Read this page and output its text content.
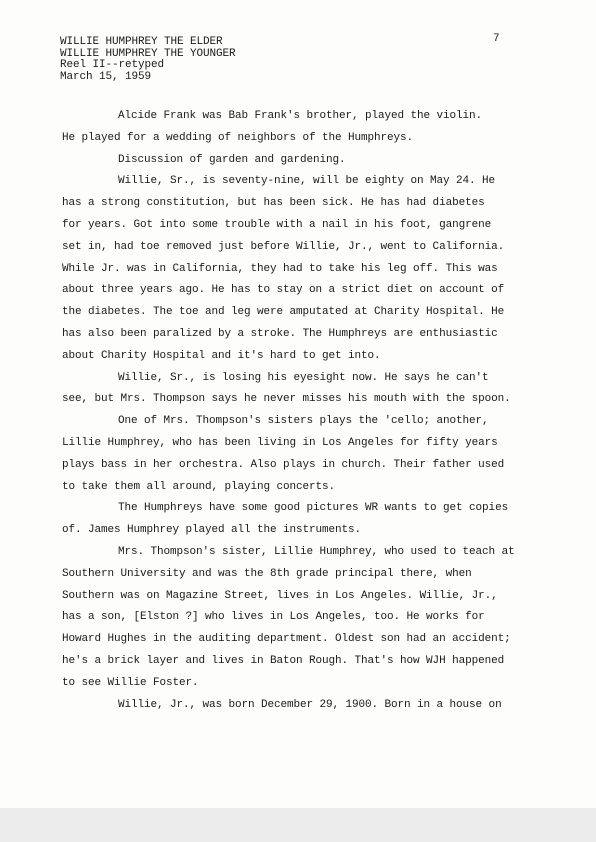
WILLIE HUMPHREY THE ELDER
WILLIE HUMPHREY THE YOUNGER
Reel II--retyped
March 15, 1959
7

Alcide Frank was Bab Frank's brother, played the violin.

He played for a wedding of neighbors of the Humphreys.

Discussion of garden and gardening.

Willie, Sr., is seventy-nine, will be eighty on May 24. He
has a strong constitution, but has been sick. He has had diabetes
for years. Got into some trouble with a nail in his foot, gangrene
set in, had toe removed just before Willie, Jr., went to California.
While Jr. was in California, they had to take his leg off. This was
about three years ago. He has to stay on a strict diet on account of
the diabetes. The toe and leg were amputated at Charity Hospital. He
has also been paralized by a stroke. The Humphreys are enthusiastic
about Charity Hospital and it's hard to get into.

Willie, Sr., is losing his eyesight now. He says he can't
see, but Mrs. Thompson says he never misses his mouth with the spoon.

One of Mrs. Thompson's sisters plays the 'cello; another,
Lillie Humphrey, who has been living in Los Angeles for fifty years
plays bass in her orchestra. Also plays in church. Their father used
to take them all around, playing concerts.

The Humphreys have some good pictures WR wants to get copies
of. James Humphrey played all the instruments.

Mrs. Thompson's sister, Lillie Humphrey, who used to teach at
Southern University and was the 8th grade principal there, when
Southern was on Magazine Street, lives in Los Angeles. Willie, Jr.,
has a son, [Elston ?] who lives in Los Angeles, too. He works for
Howard Hughes in the auditing department. Oldest son had an accident;
he's a brick layer and lives in Baton Rough. That's how WJH happened
to see Willie Foster.

Willie, Jr., was born December 29, 1900. Born in a house on
